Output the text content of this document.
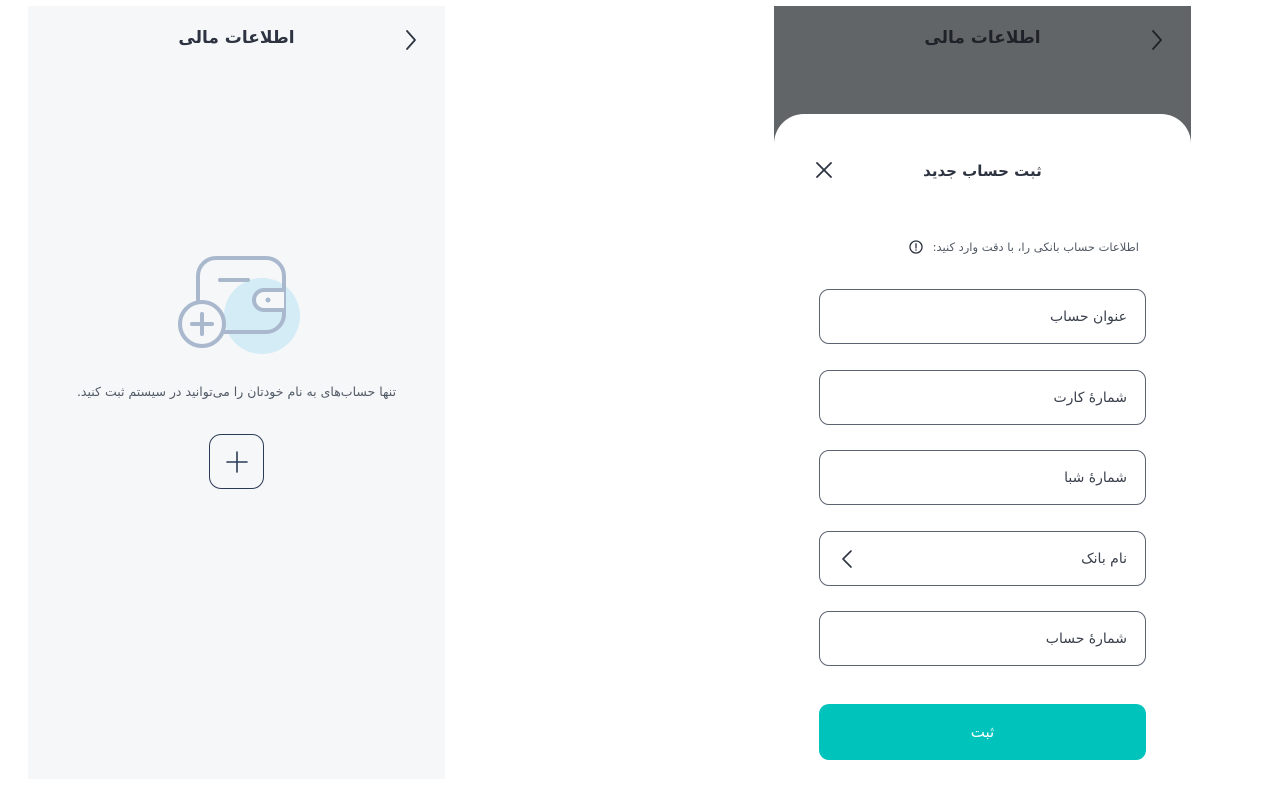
اطلاعات مالی
تنها حساب‌های به نام خودتان را می‌توانید در سیستم ثبت کنید.
اطلاعات مالی
ثبت حساب جدید
اطلاعات حساب بانکی را، با دقت وارد کنید:
عنوان حساب
شمارهٔ کارت
شمارهٔ شبا
نام بانک
شمارهٔ حساب
ثبت
